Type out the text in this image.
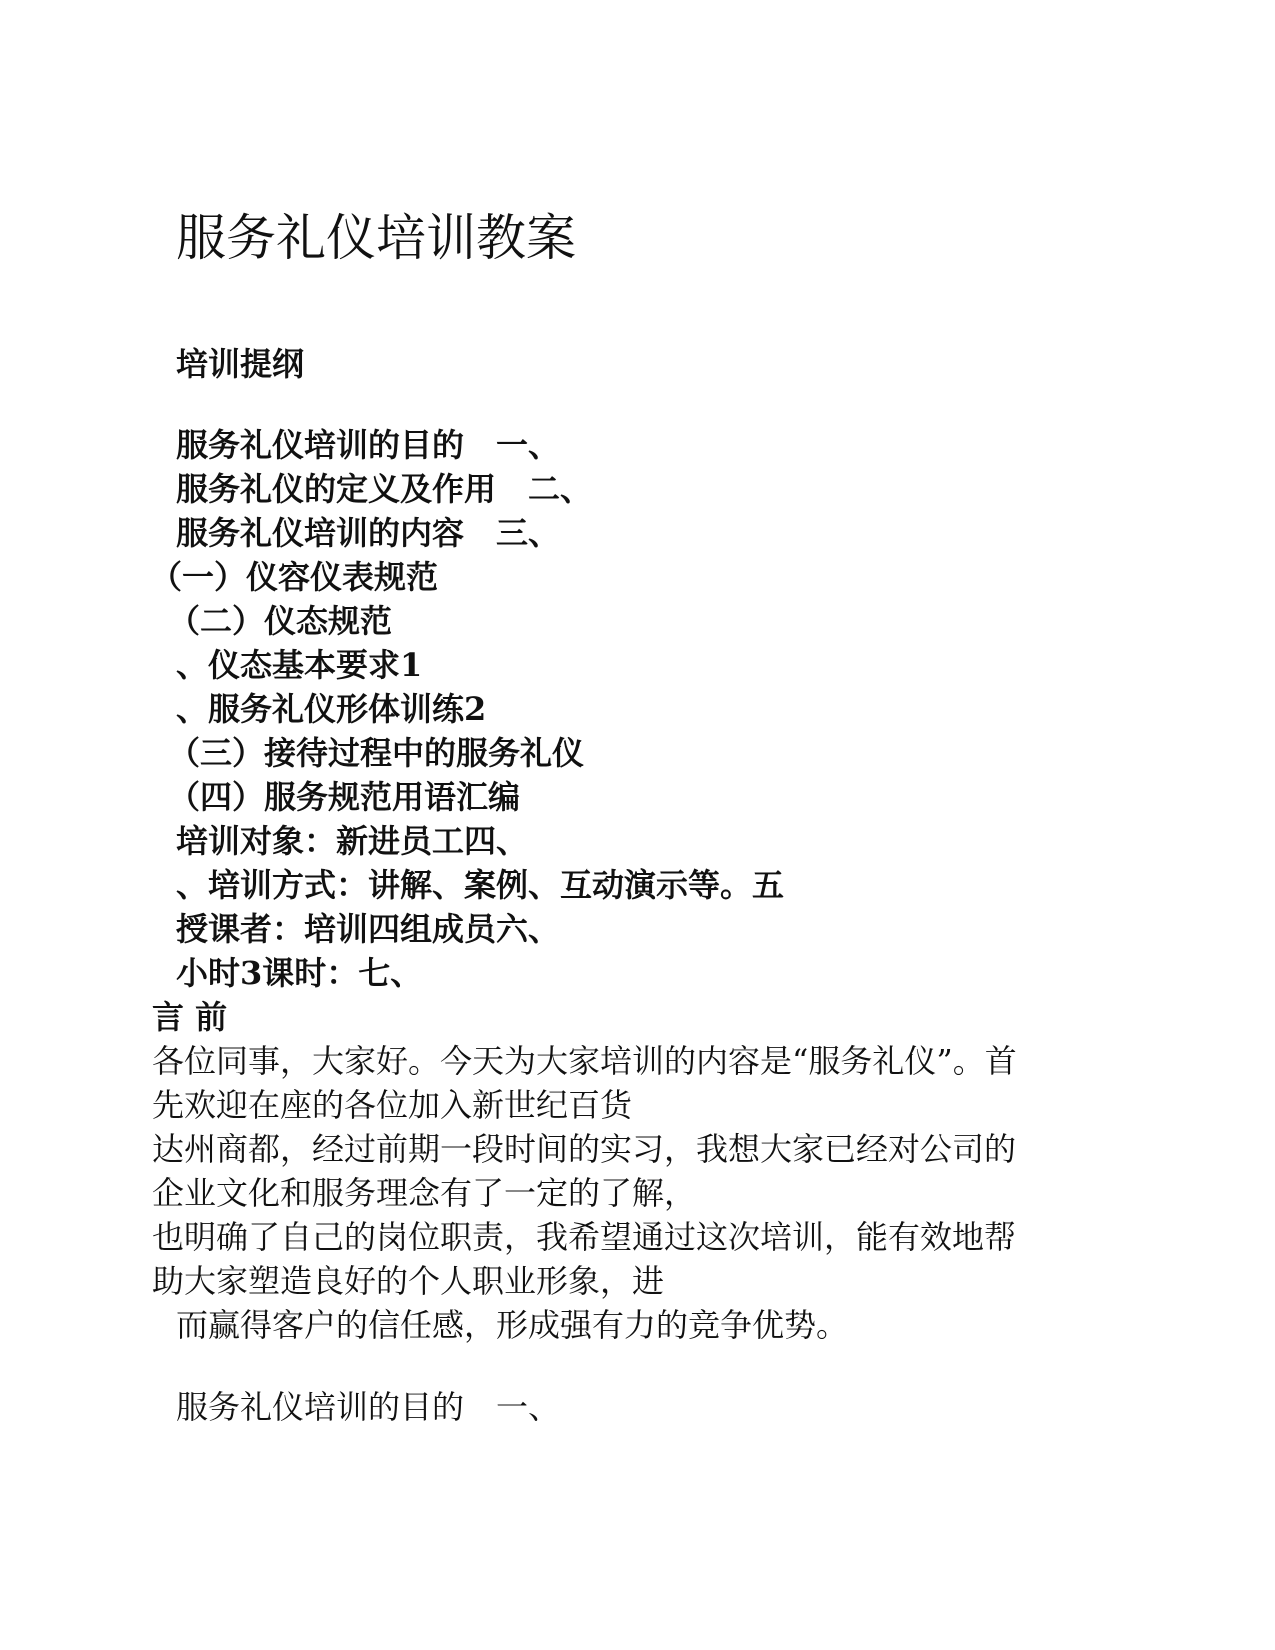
服务礼仪培训教案
培训提纲
服务礼仪培训的目的　一、
服务礼仪的定义及作用　二、
服务礼仪培训的内容　三、
（一）仪容仪表规范
（二）仪态规范
、仪态基本要求1
、服务礼仪形体训练2
（三）接待过程中的服务礼仪
（四）服务规范用语汇编
培训对象：新进员工四、
、培训方式：讲解、案例、互动演示等。五
授课者：培训四组成员六、
小时3课时：七、
言 前
各位同事，大家好。今天为大家培训的内容是“服务礼仪”。首
先欢迎在座的各位加入新世纪百货
达州商都，经过前期一段时间的实习，我想大家已经对公司的
企业文化和服务理念有了一定的了解，
也明确了自己的岗位职责，我希望通过这次培训，能有效地帮
助大家塑造良好的个人职业形象，进
而赢得客户的信任感，形成强有力的竞争优势。
服务礼仪培训的目的　一、
